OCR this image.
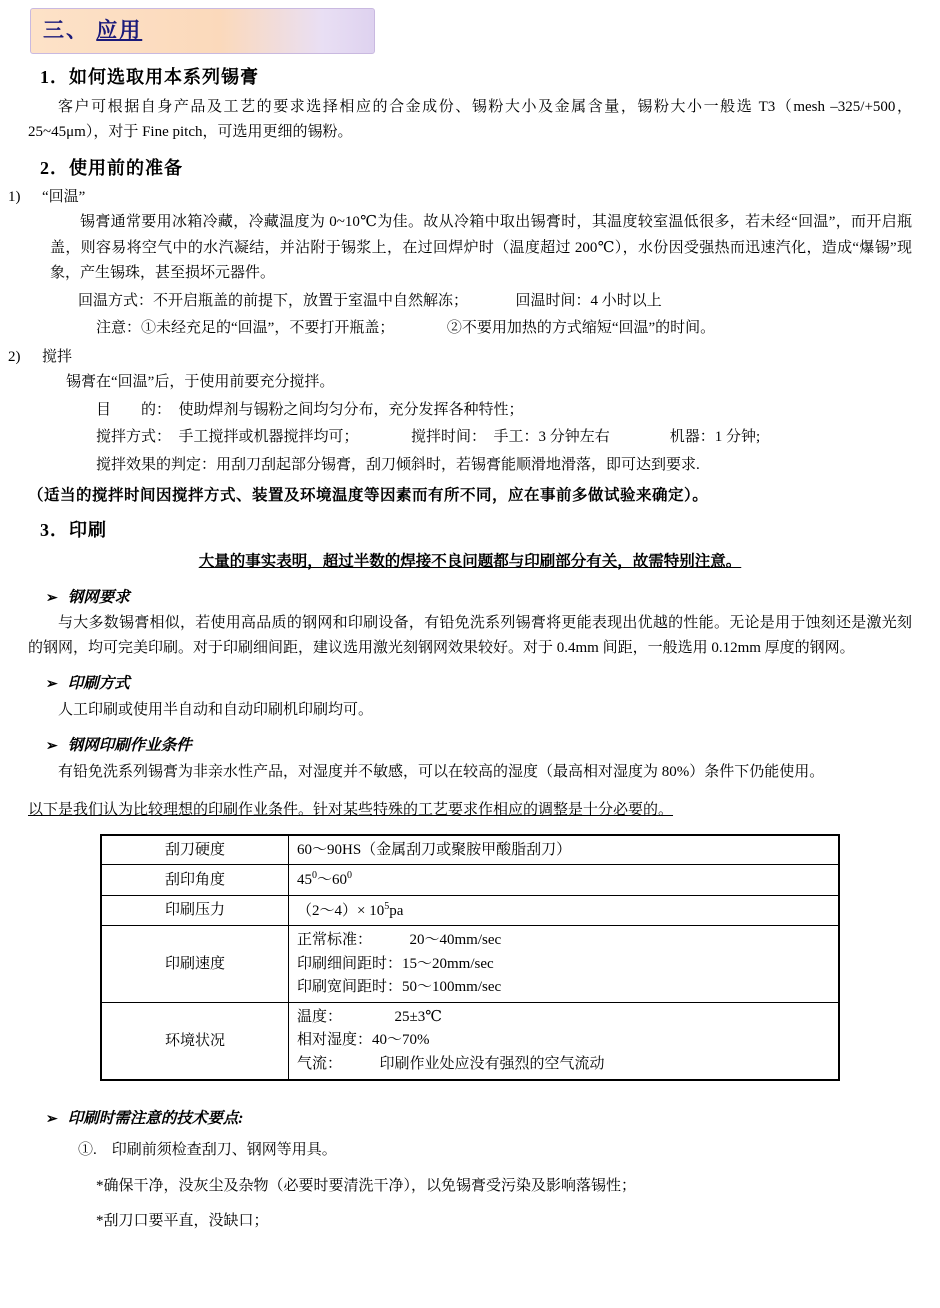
三、 应用
1．如何选取用本系列锡膏
客户可根据自身产品及工艺的要求选择相应的合金成份、锡粉大小及金属含量，锡粉大小一般选 T3（mesh –325/+500，25~45μm），对于 Fine pitch，可选用更细的锡粉。
2．使用前的准备
1) “回温”
锡膏通常要用冰箱冷藏，冷藏温度为 0~10℃为佳。故从冷箱中取出锡膏时，其温度较室温低很多，若未经“回温”，而开启瓶盖，则容易将空气中的水汽凝结，并沾附于锡浆上，在过回焊炉时（温度超过 200℃），水份因受强热而迅速汽化，造成“爆锡”现象，产生锡珠，甚至损坏元器件。
回温方式：不开启瓶盖的前提下，放置于室温中自然解冻；	回温时间：4 小时以上
注意：①未经充足的“回温”，不要打开瓶盖；　　　　②不要用加热的方式缩短“回温”的时间。
2) 搅拌
锡膏在“回温”后，于使用前要充分搅拌。
目　　的：　使助焊剂与锡粉之间均匀分布，充分发挥各种特性；
搅拌方式：　手工搅拌或机器搅拌均可；　　　　搅拌时间：　手工：3 分钟左右　　　　机器：1 分钟;
搅拌效果的判定：用刮刀刮起部分锡膏，刮刀倾斜时，若锡膏能顺滑地滑落，即可达到要求.
（适当的搅拌时间因搅拌方式、装置及环境温度等因素而有所不同，应在事前多做试验来确定）。
3．印刷
大量的事实表明，超过半数的焊接不良问题都与印刷部分有关，故需特别注意。
➢ 钢网要求
与大多数锡膏相似，若使用高品质的钢网和印刷设备，有铅免洗系列锡膏将更能表现出优越的性能。无论是用于蚀刻还是激光刻的钢网，均可完美印刷。对于印刷细间距，建议选用激光刻钢网效果较好。对于 0.4mm 间距，一般选用 0.12mm 厚度的钢网。
➢ 印刷方式
人工印刷或使用半自动和自动印刷机印刷均可。
➢ 钢网印刷作业条件
有铅免洗系列锡膏为非亲水性产品，对湿度并不敏感，可以在较高的湿度（最高相对湿度为 80%）条件下仍能使用。
以下是我们认为比较理想的印刷作业条件。针对某些特殊的工艺要求作相应的调整是十分必要的。
刮刀硬度	60～90HS（金属刮刀或聚胺甲酸脂刮刀）
刮印角度	$45^0\sim 60^0$
印刷压力	（2～4）× $10^5pa$
印刷速度	正常标准：　　　20～40mm/sec
印刷细间距时：15～20mm/sec
印刷宽间距时：50～100mm/sec

环境状况	温度：　　　　25±3℃
相对湿度：40～70%
气流：　　　印刷作业处应没有强烈的空气流动
➢ 印刷时需注意的技术要点:
①.　印刷前须检查刮刀、钢网等用具。
*确保干净，没灰尘及杂物（必要时要清洗干净），以免锡膏受污染及影响落锡性；
*刮刀口要平直，没缺口；
